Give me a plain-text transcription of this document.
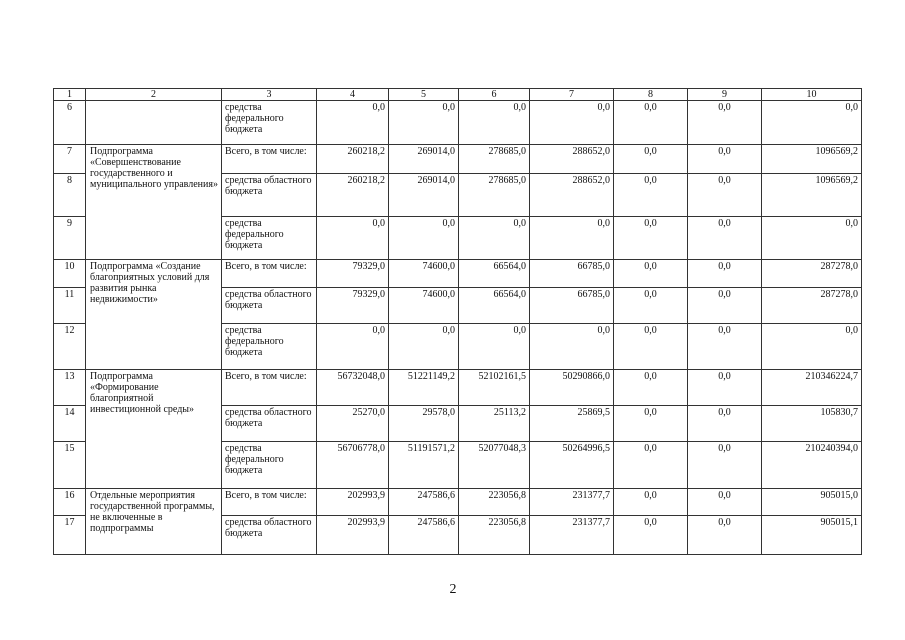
1	2	3	4	5	6	7	8	9	10
6		средства федерального бюджета	0,0	0,0	0,0	0,0	0,0	0,0	0,0
7	Подпрограмма «Совершенствование государственного и муниципального управления»	Всего, в том числе:	260218,2	269014,0	278685,0	288652,0	0,0	0,0	1096569,2
8		средства областного бюджета	260218,2	269014,0	278685,0	288652,0	0,0	0,0	1096569,2
9		средства федерального бюджета	0,0	0,0	0,0	0,0	0,0	0,0	0,0
10	Подпрограмма «Создание благоприятных условий для развития рынка недвижимости»	Всего, в том числе:	79329,0	74600,0	66564,0	66785,0	0,0	0,0	287278,0
11		средства областного бюджета	79329,0	74600,0	66564,0	66785,0	0,0	0,0	287278,0
12		средства федерального бюджета	0,0	0,0	0,0	0,0	0,0	0,0	0,0
13	Подпрограмма «Формирование благоприятной инвестиционной среды»	Всего, в том числе:	56732048,0	51221149,2	52102161,5	50290866,0	0,0	0,0	210346224,7
14		средства областного бюджета	25270,0	29578,0	25113,2	25869,5	0,0	0,0	105830,7
15		средства федерального бюджета	56706778,0	51191571,2	52077048,3	50264996,5	0,0	0,0	210240394,0
16	Отдельные мероприятия государственной программы, не включенные в подпрограммы	Всего, в том числе:	202993,9	247586,6	223056,8	231377,7	0,0	0,0	905015,0
17		средства областного бюджета	202993,9	247586,6	223056,8	231377,7	0,0	0,0	905015,1
2
